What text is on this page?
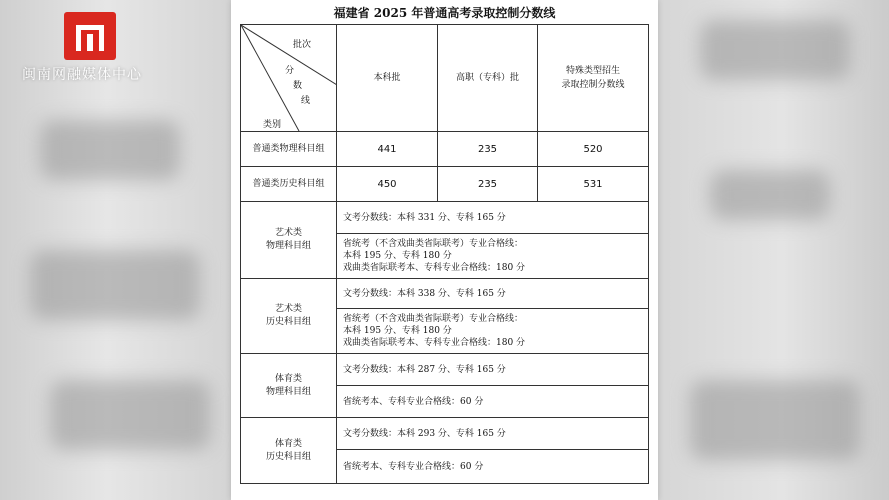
闽南网融媒体中心
福建省 2025 年普通高考录取控制分数线
批次
分
数
线
类别	本科批	高职（专科）批	特殊类型招生
录取控制分数线
普通类物理科目组	441	235	520
普通类历史科目组	450	235	531
艺术类
物理科目组	文考分数线：本科 331 分、专科 165 分		

	省统考（不含戏曲类省际联考）专业合格线：
本科 195 分、专科 180 分
戏曲类省际联考本、专科专业合格线：180 分		

艺术类
历史科目组	文考分数线：本科 338 分、专科 165 分		

	省统考（不含戏曲类省际联考）专业合格线：
本科 195 分、专科 180 分
戏曲类省际联考本、专科专业合格线：180 分		

体育类
物理科目组	文考分数线：本科 287 分、专科 165 分		

	省统考本、专科专业合格线：60 分		

体育类
历史科目组	文考分数线：本科 293 分、专科 165 分		

	省统考本、专科专业合格线：60 分		
